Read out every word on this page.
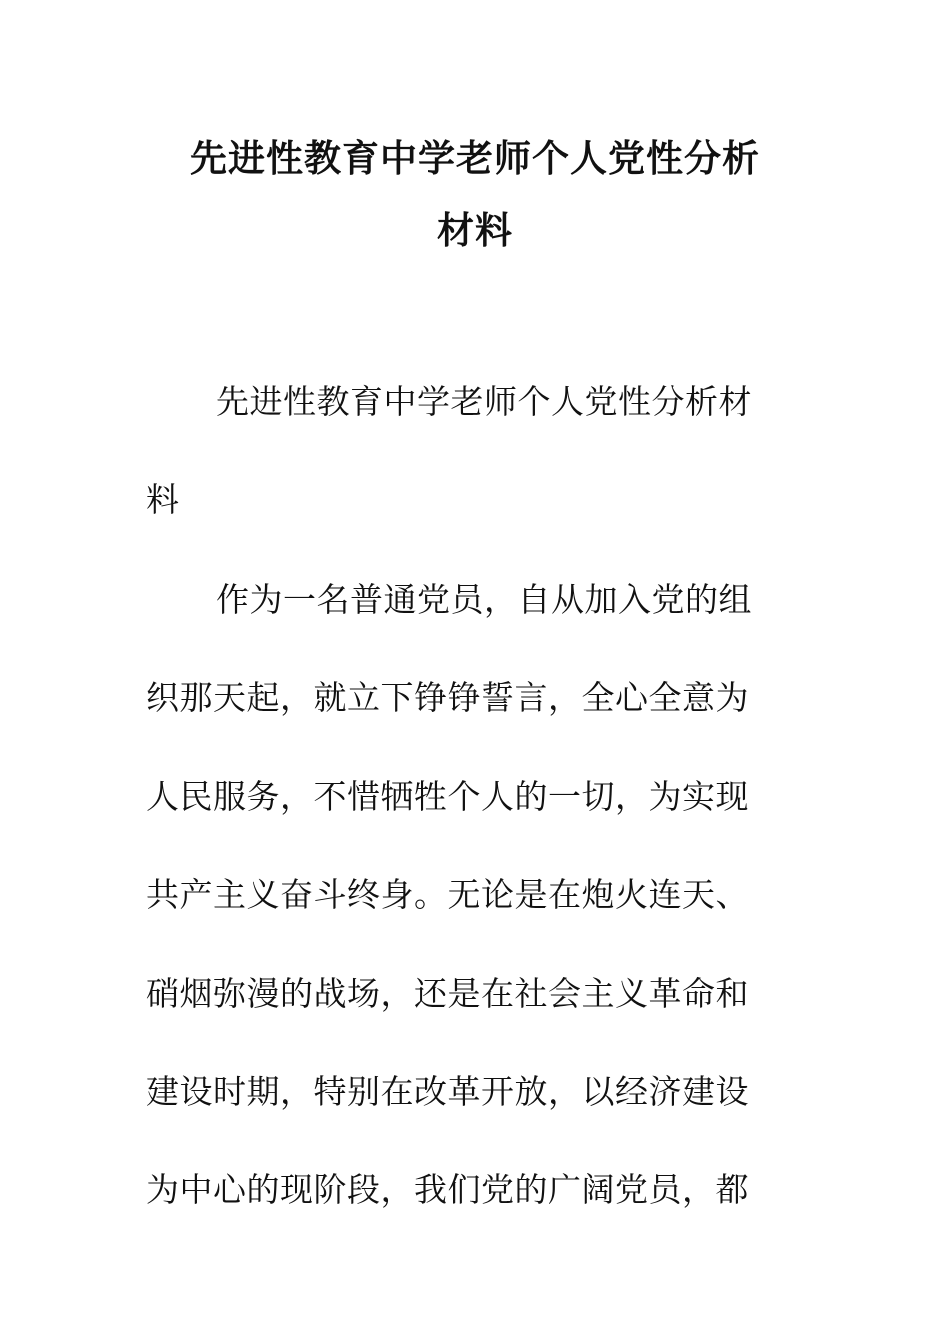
先进性教育中学老师个人党性分析
材料
先进性教育中学老师个人党性分析材
料
作为一名普通党员，自从加入党的组
织那天起，就立下铮铮誓言，全心全意为
人民服务，不惜牺牲个人的一切，为实现
共产主义奋斗终身。无论是在炮火连天、
硝烟弥漫的战场，还是在社会主义革命和
建设时期，特别在改革开放，以经济建设
为中心的现阶段，我们党的广阔党员，都
